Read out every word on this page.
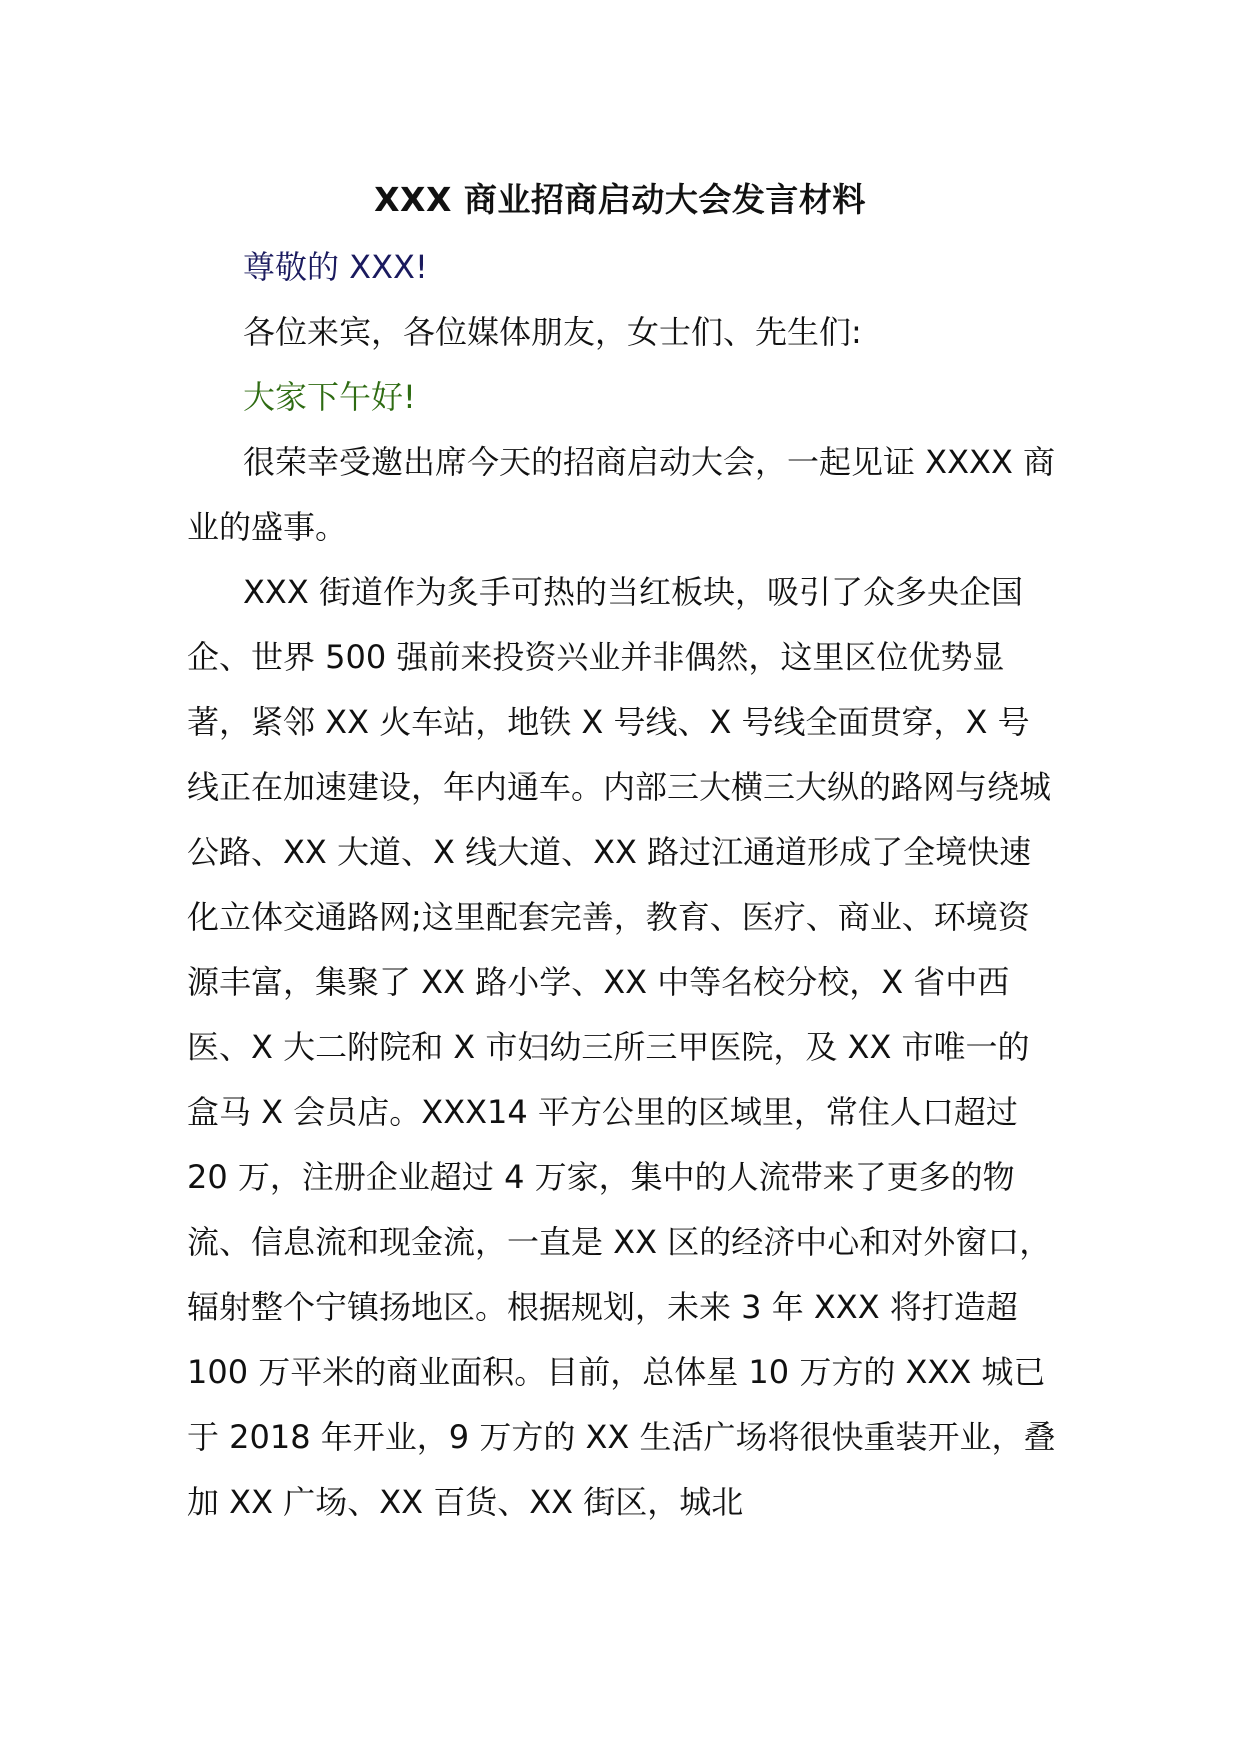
XXX 商业招商启动大会发言材料

尊敬的 XXX!

各位来宾，各位媒体朋友，女士们、先生们:

大家下午好!

很荣幸受邀出席今天的招商启动大会，一起见证 XXXX 商业的盛事。

XXX 街道作为炙手可热的当红板块，吸引了众多央企国企、世界 500 强前来投资兴业并非偶然，这里区位优势显著，紧邻 XX 火车站，地铁 X 号线、X 号线全面贯穿，X 号线正在加速建设，年内通车。内部三大横三大纵的路网与绕城公路、XX 大道、X 线大道、XX 路过江通道形成了全境快速化立体交通路网;这里配套完善，教育、医疗、商业、环境资源丰富，集聚了 XX 路小学、XX 中等名校分校，X 省中西医、X 大二附院和 X 市妇幼三所三甲医院，及 XX 市唯一的盒马 X 会员店。XXX14 平方公里的区域里，常住人口超过 20 万，注册企业超过 4 万家，集中的人流带来了更多的物流、信息流和现金流，一直是 XX 区的经济中心和对外窗口，辐射整个宁镇扬地区。根据规划，未来 3 年 XXX 将打造超 100 万平米的商业面积。目前，总体星 10 万方的 XXX 城已于 2018 年开业，9 万方的 XX 生活广场将很快重装开业，叠加 XX 广场、XX 百货、XX 街区，城北
